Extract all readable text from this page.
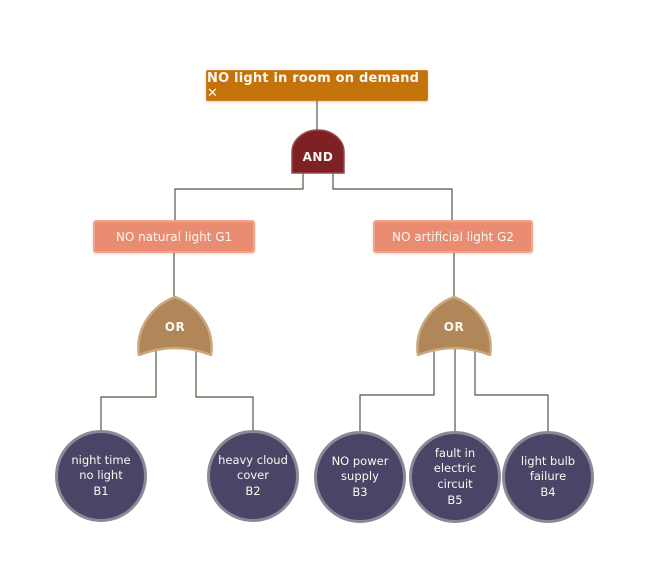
NO light in room on demand ✕
AND
OR	OR
NO natural light G1	NO artificial light G2
night time
no light
B1
heavy cloud
cover
B2
NO power
supply
B3
fault in
electric
circuit
B5
light bulb
failure
B4
